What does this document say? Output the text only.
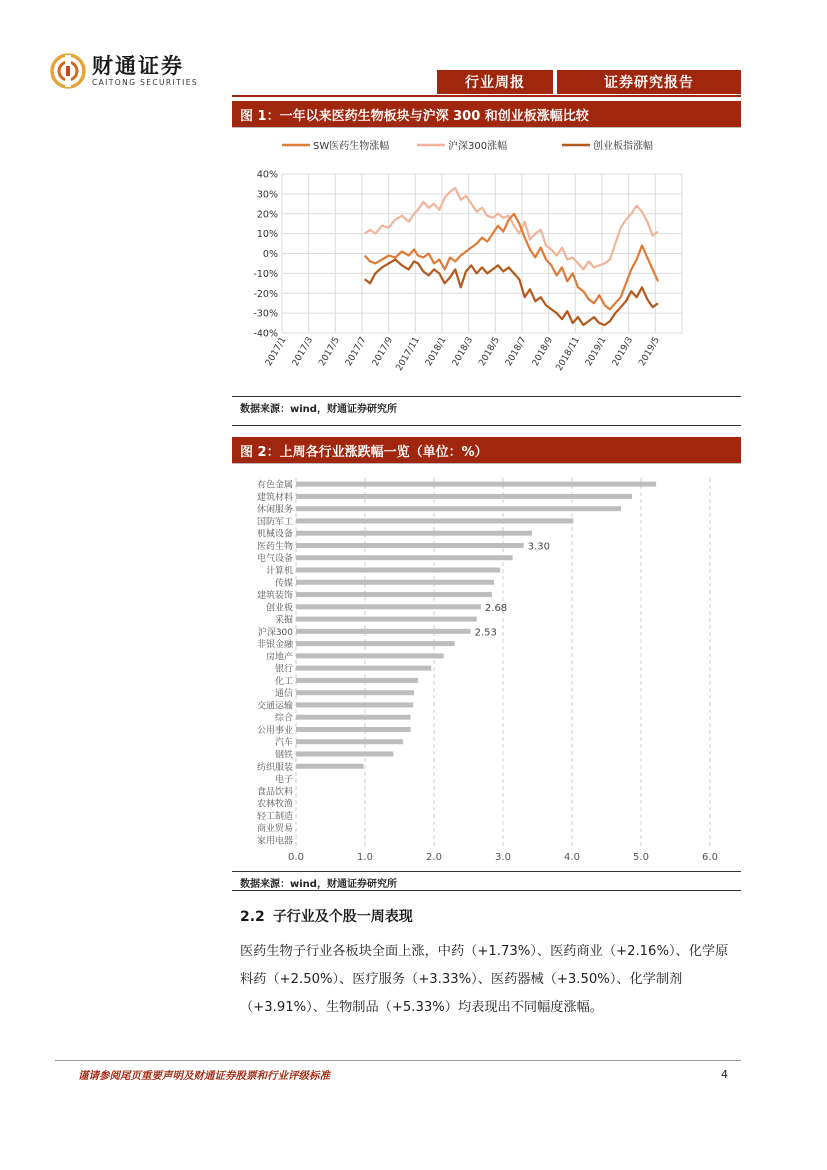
财通证券
CAITONG SECURITIES	行业周报	证券研究报告
图 1：一年以来医药生物板块与沪深 300 和创业板涨幅比较
40%
30%
20%
10%
0%
-10%
-20%
-30%
-40%
2017/1 2017/3 2017/5 2017/7 2017/9 2017/11 2018/1 2018/3 2018/5 2018/7 2018/9 2018/11 2019/1 2019/3 2019/5
SW医药生物涨幅	沪深300涨幅	创业板指涨幅
数据来源：wind，财通证券研究所
图 2：上周各行业涨跌幅一览（单位：%）
有色金属
建筑材料
休闲服务
国防军工
机械设备
医药生物
电气设备
计算机
传媒
建筑装饰
创业板
采掘
沪深300
非银金融
房地产
银行
化工
通信
交通运输
综合
公用事业
汽车
钢铁
纺织服装
电子
食品饮料
农林牧渔
轻工制造
商业贸易
家用电器
3.30
2.68
2.53
0.0	1.0	2.0	3.0	4.0	5.0	6.0
数据来源：wind，财通证券研究所
2.2 子行业及个股一周表现
医药生物子行业各板块全面上涨，中药（+1.73%）、医药商业（+2.16%）、化学原料药（+2.50%）、医疗服务（+3.33%）、医药器械（+3.50%）、化学制剂（+3.91%）、生物制品（+5.33%）均表现出不同幅度涨幅。
谨请参阅尾页重要声明及财通证券股票和行业评级标准	4
